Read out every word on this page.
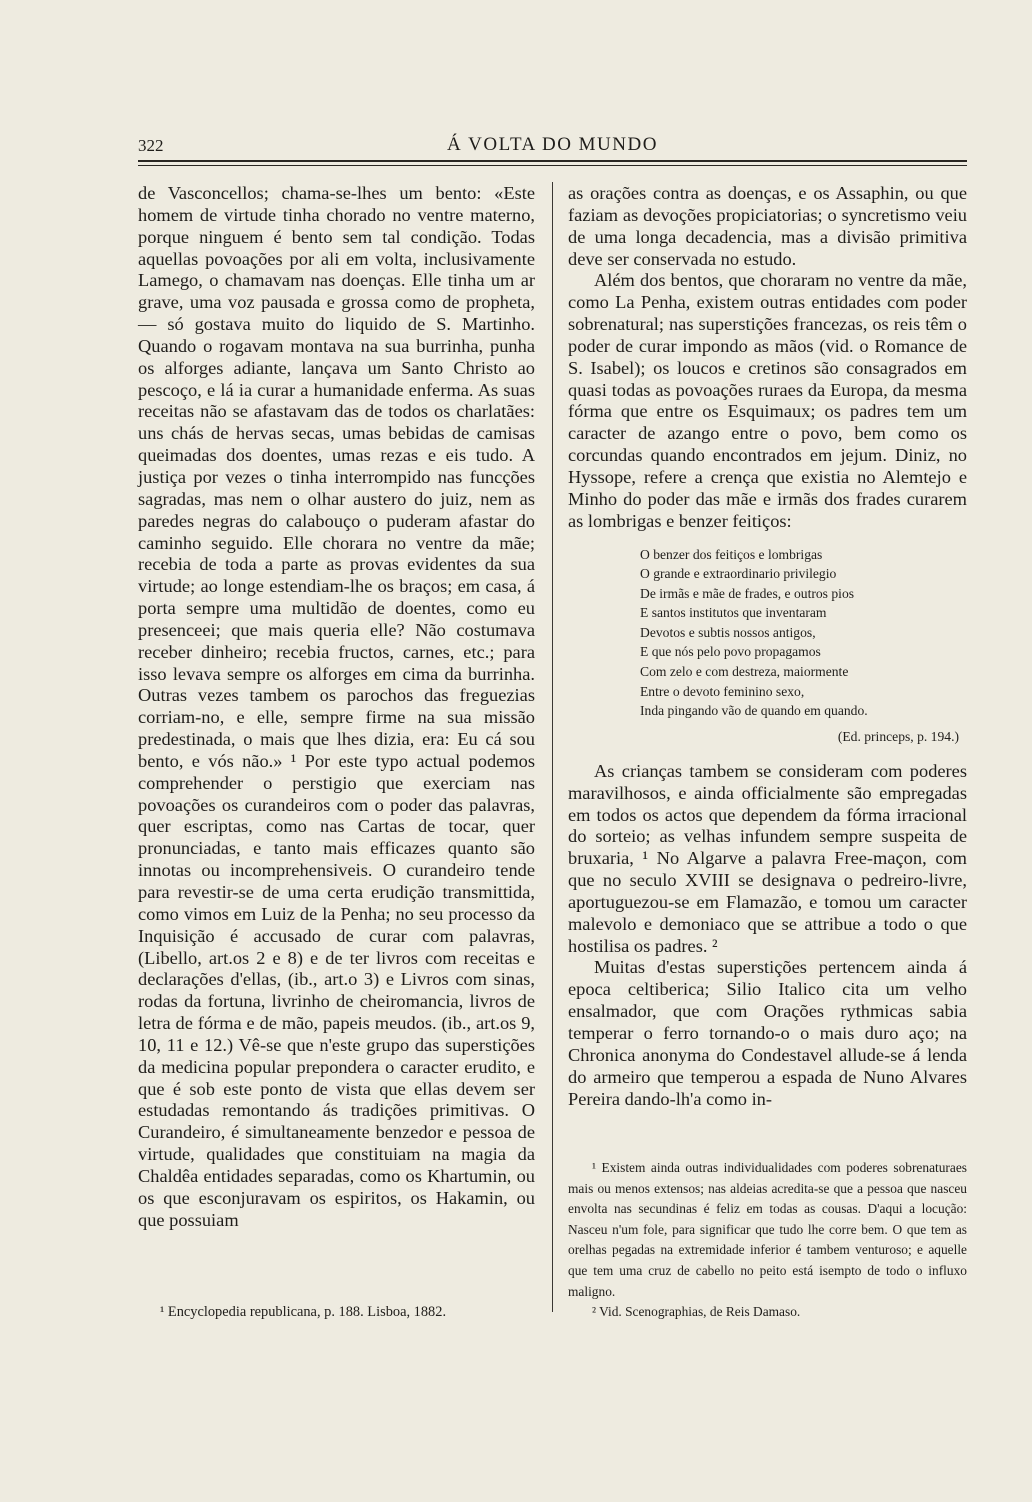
322	Á VOLTA DO MUNDO

de Vasconcellos; chama-se-lhes um bento: «Este homem de virtude tinha chorado no ventre materno, porque ninguem é bento sem tal condição. Todas aquellas povoações por ali em volta, inclusivamente Lamego, o chamavam nas doenças. Elle tinha um ar grave, uma voz pausada e grossa como de propheta, — só gostava muito do liquido de S. Martinho. Quando o rogavam montava na sua burrinha, punha os alforges adiante, lançava um Santo Christo ao pescoço, e lá ia curar a humanidade enferma. As suas receitas não se afastavam das de todos os charlatães: uns chás de hervas secas, umas bebidas de camisas queimadas dos doentes, umas rezas e eis tudo. A justiça por vezes o tinha interrompido nas funcções sagradas, mas nem o olhar austero do juiz, nem as paredes negras do calabouço o puderam afastar do caminho seguido. Elle chorara no ventre da mãe; recebia de toda a parte as provas evidentes da sua virtude; ao longe estendiam-lhe os braços; em casa, á porta sempre uma multidão de doentes, como eu presenceei; que mais queria elle? Não costumava receber dinheiro; recebia fructos, carnes, etc.; para isso levava sempre os alforges em cima da burrinha. Outras vezes tambem os parochos das freguezias corriam-no, e elle, sempre firme na sua missão predestinada, o mais que lhes dizia, era: Eu cá sou bento, e vós não.» ¹ Por este typo actual podemos comprehender o perstigio que exerciam nas povoações os curandeiros com o poder das palavras, quer escriptas, como nas Cartas de tocar, quer pronunciadas, e tanto mais efficazes quanto são innotas ou incomprehensiveis. O curandeiro tende para revestir-se de uma certa erudição transmittida, como vimos em Luiz de la Penha; no seu processo da Inquisição é accusado de curar com palavras, (Libello, art.os 2 e 8) e de ter livros com receitas e declarações d'ellas, (ib., art.o 3) e Livros com sinas, rodas da fortuna, livrinho de cheiromancia, livros de letra de fórma e de mão, papeis meudos. (ib., art.os 9, 10, 11 e 12.) Vê-se que n'este grupo das superstições da medicina popular prepondera o caracter erudito, e que é sob este ponto de vista que ellas devem ser estudadas remontando ás tradições primitivas. O Curandeiro, é simultaneamente benzedor e pessoa de virtude, qualidades que constituiam na magia da Chaldêa entidades separadas, como os Khartumin, ou os que esconjuravam os espiritos, os Hakamin, ou que possuiam

¹ Encyclopedia republicana, p. 188. Lisboa, 1882.

as orações contra as doenças, e os Assaphin, ou que faziam as devoções propiciatorias; o syncretismo veiu de uma longa decadencia, mas a divisão primitiva deve ser conservada no estudo.

Além dos bentos, que choraram no ventre da mãe, como La Penha, existem outras entidades com poder sobrenatural; nas superstições francezas, os reis têm o poder de curar impondo as mãos (vid. o Romance de S. Isabel); os loucos e cretinos são consagrados em quasi todas as povoações ruraes da Europa, da mesma fórma que entre os Esquimaux; os padres tem um caracter de azango entre o povo, bem como os corcundas quando encontrados em jejum. Diniz, no Hyssope, refere a crença que existia no Alemtejo e Minho do poder das mãe e irmãs dos frades curarem as lombrigas e benzer feitiços:

O benzer dos feitiços e lombrigas
O grande e extraordinario privilegio
De irmãs e mãe de frades, e outros pios
E santos institutos que inventaram
Devotos e subtis nossos antigos,
E que nós pelo povo propagamos
Com zelo e com destreza, maiormente
Entre o devoto feminino sexo,
Inda pingando vão de quando em quando.
(Ed. princeps, p. 194.)

As crianças tambem se consideram com poderes maravilhosos, e ainda officialmente são empregadas em todos os actos que dependem da fórma irracional do sorteio; as velhas infundem sempre suspeita de bruxaria, ¹ No Algarve a palavra Free-maçon, com que no seculo XVIII se designava o pedreiro-livre, aportuguezou-se em Flamazão, e tomou um caracter malevolo e demoniaco que se attribue a todo o que hostilisa os padres. ²

Muitas d'estas superstições pertencem ainda á epoca celtiberica; Silio Italico cita um velho ensalmador, que com Orações rythmicas sabia temperar o ferro tornando-o o mais duro aço; na Chronica anonyma do Condestavel allude-se á lenda do armeiro que temperou a espada de Nuno Alvares Pereira dando-lh'a como in-

¹ Existem ainda outras individualidades com poderes sobrenaturaes mais ou menos extensos; nas aldeias acredita-se que a pessoa que nasceu envolta nas secundinas é feliz em todas as cousas. D'aqui a locução: Nasceu n'um fole, para significar que tudo lhe corre bem. O que tem as orelhas pegadas na extremidade inferior é tambem venturoso; e aquelle que tem uma cruz de cabello no peito está isempto de todo o influxo maligno.

² Vid. Scenographias, de Reis Damaso.
